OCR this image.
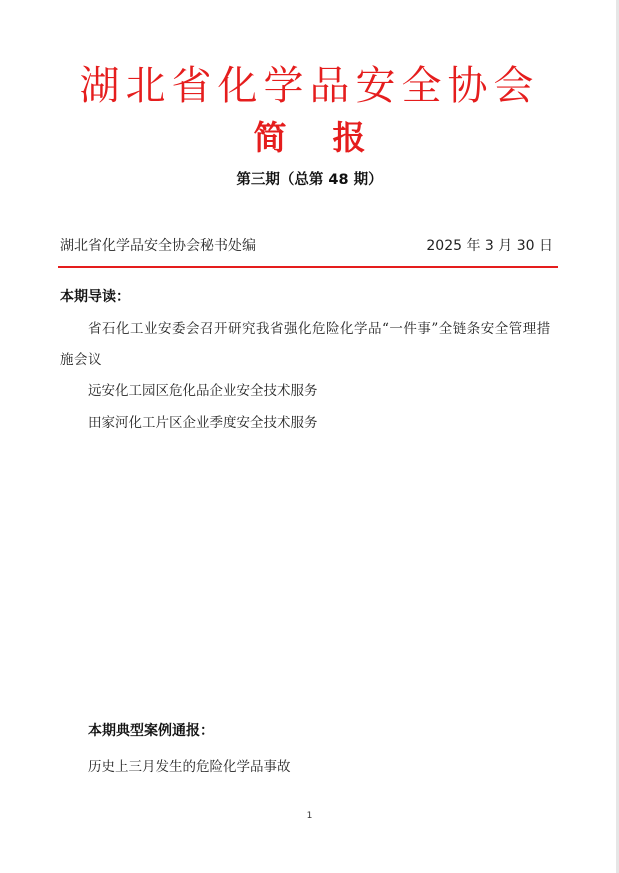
湖北省化学品安全协会
简报
第三期（总第 48 期）
湖北省化学品安全协会秘书处编	2025 年 3 月 30 日
本期导读：
省石化工业安委会召开研究我省强化危险化学品“一件事”全链条安全管理措施会议
远安化工园区危化品企业安全技术服务
田家河化工片区企业季度安全技术服务
本期典型案例通报：
历史上三月发生的危险化学品事故
1
